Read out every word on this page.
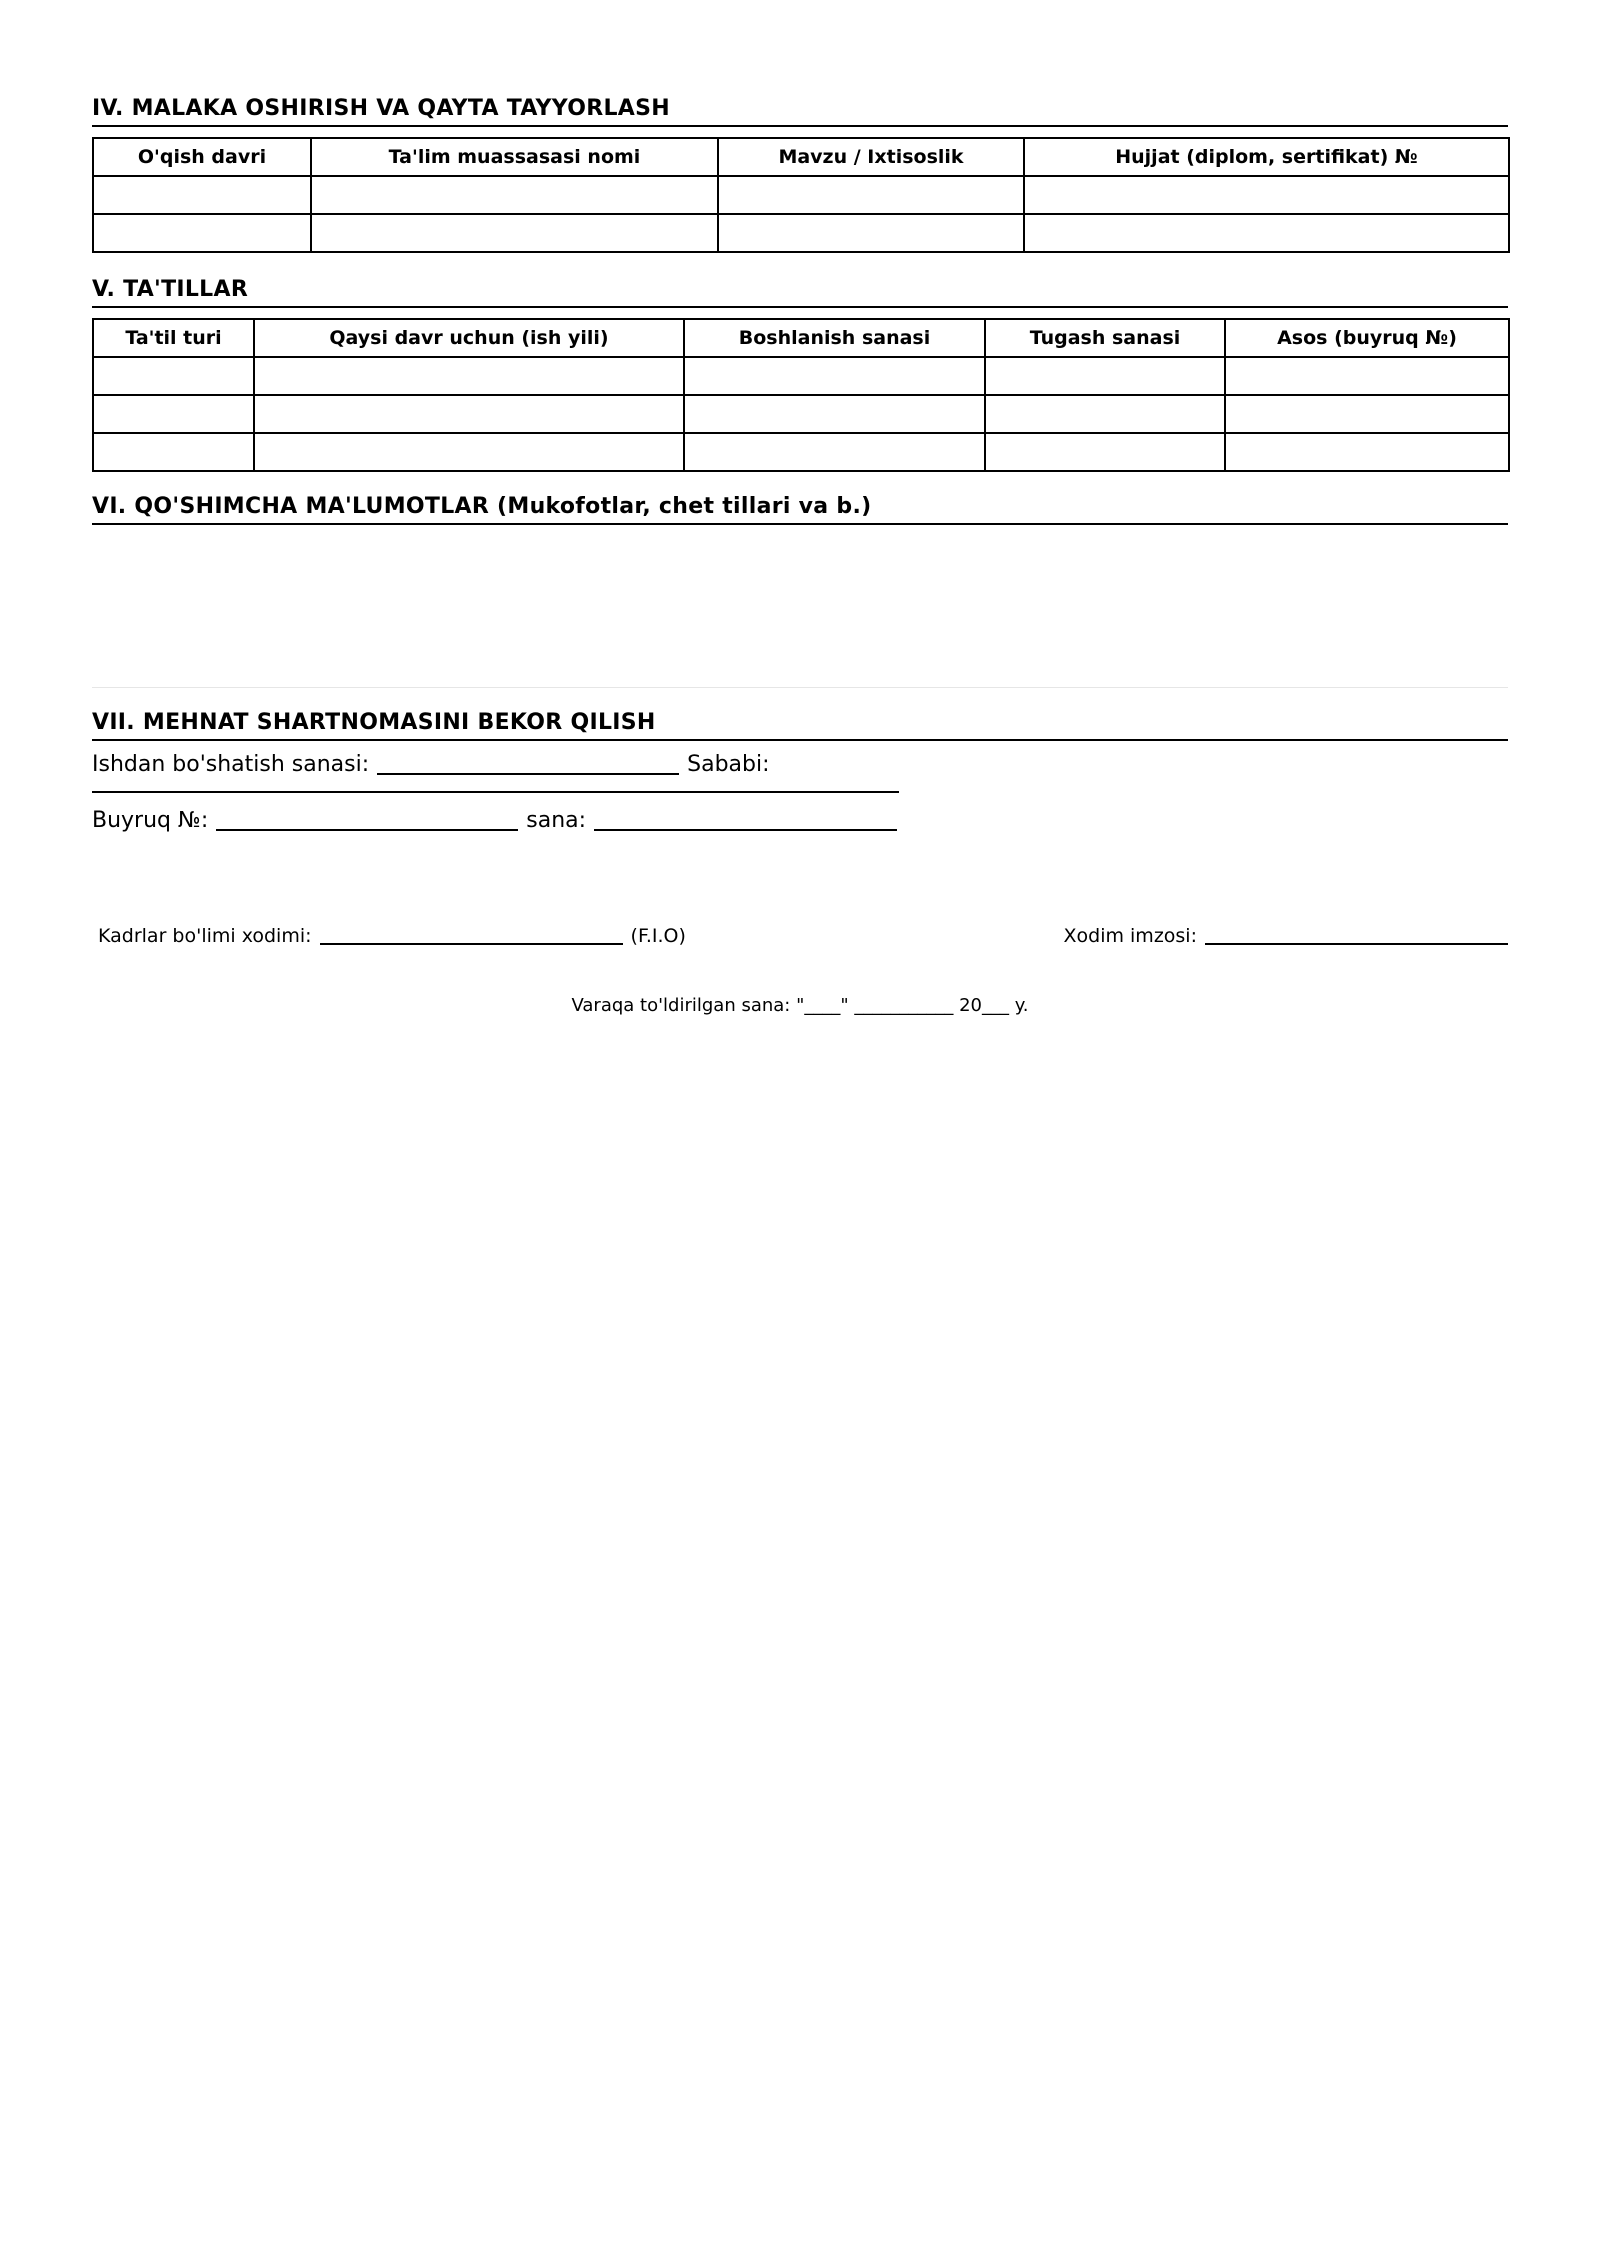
IV. MALAKA OSHIRISH VA QAYTA TAYYORLASH
O'qish davri	Ta'lim muassasasi nomi	Mavzu / Ixtisoslik	Hujjat (diplom, sertifikat) №

V. TA'TILLAR
Ta'til turi	Qaysi davr uchun (ish yili)	Boshlanish sanasi	Tugash sanasi	Asos (buyruq №)

VI. QO'SHIMCHA MA'LUMOTLAR (Mukofotlar, chet tillari va b.)
VII. MEHNAT SHARTNOMASINI BEKOR QILISH
Ishdan bo'shatish sanasi:	Sababi:
Buyruq №:	sana:
Kadrlar bo'limi xodimi:	(F.I.O)	Xodim imzosi:
Varaqa to'ldirilgan sana: "____" ___________ 20___ y.
